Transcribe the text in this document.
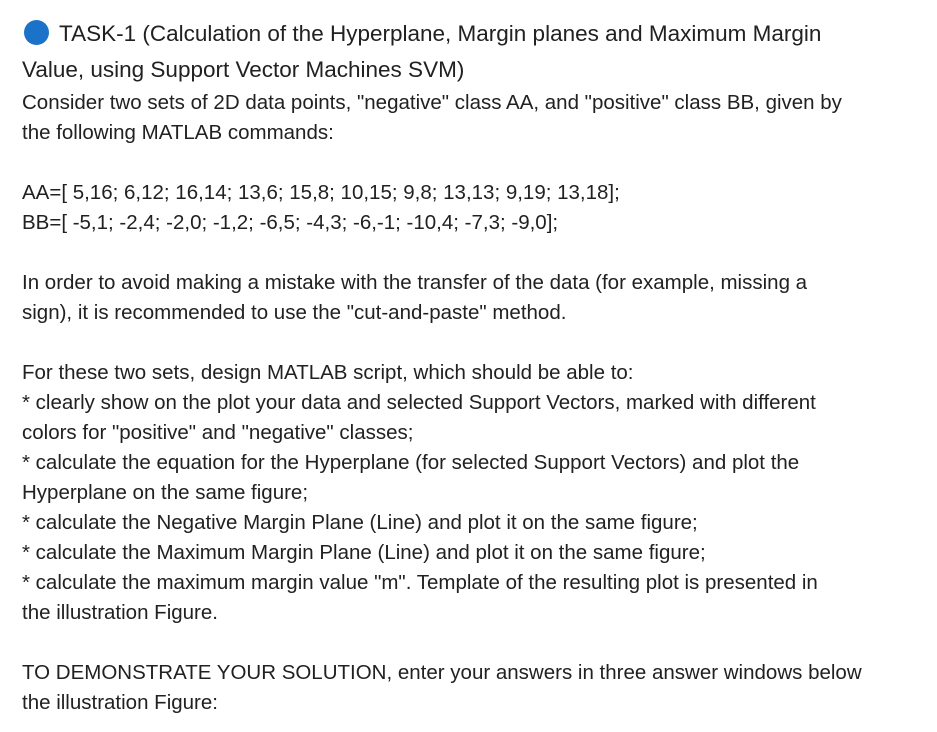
TASK-1 (Calculation of the Hyperplane, Margin planes and Maximum Margin
Value, using Support Vector Machines SVM)

Consider two sets of 2D data points, "negative" class AA, and "positive" class BB, given by
the following MATLAB commands:

AA=[ 5,16; 6,12; 16,14; 13,6; 15,8; 10,15; 9,8; 13,13; 9,19; 13,18];
BB=[ -5,1; -2,4; -2,0; -1,2; -6,5; -4,3; -6,-1; -10,4; -7,3; -9,0];

In order to avoid making a mistake with the transfer of the data (for example, missing a
sign), it is recommended to use the "cut-and-paste" method.

For these two sets, design MATLAB script, which should be able to:
* clearly show on the plot your data and selected Support Vectors, marked with different
colors for "positive" and "negative" classes;
* calculate the equation for the Hyperplane (for selected Support Vectors) and plot the
Hyperplane on the same figure;
* calculate the Negative Margin Plane (Line) and plot it on the same figure;
* calculate the Maximum Margin Plane (Line) and plot it on the same figure;
* calculate the maximum margin value "m". Template of the resulting plot is presented in
the illustration Figure.

TO DEMONSTRATE YOUR SOLUTION, enter your answers in three answer windows below
the illustration Figure:
